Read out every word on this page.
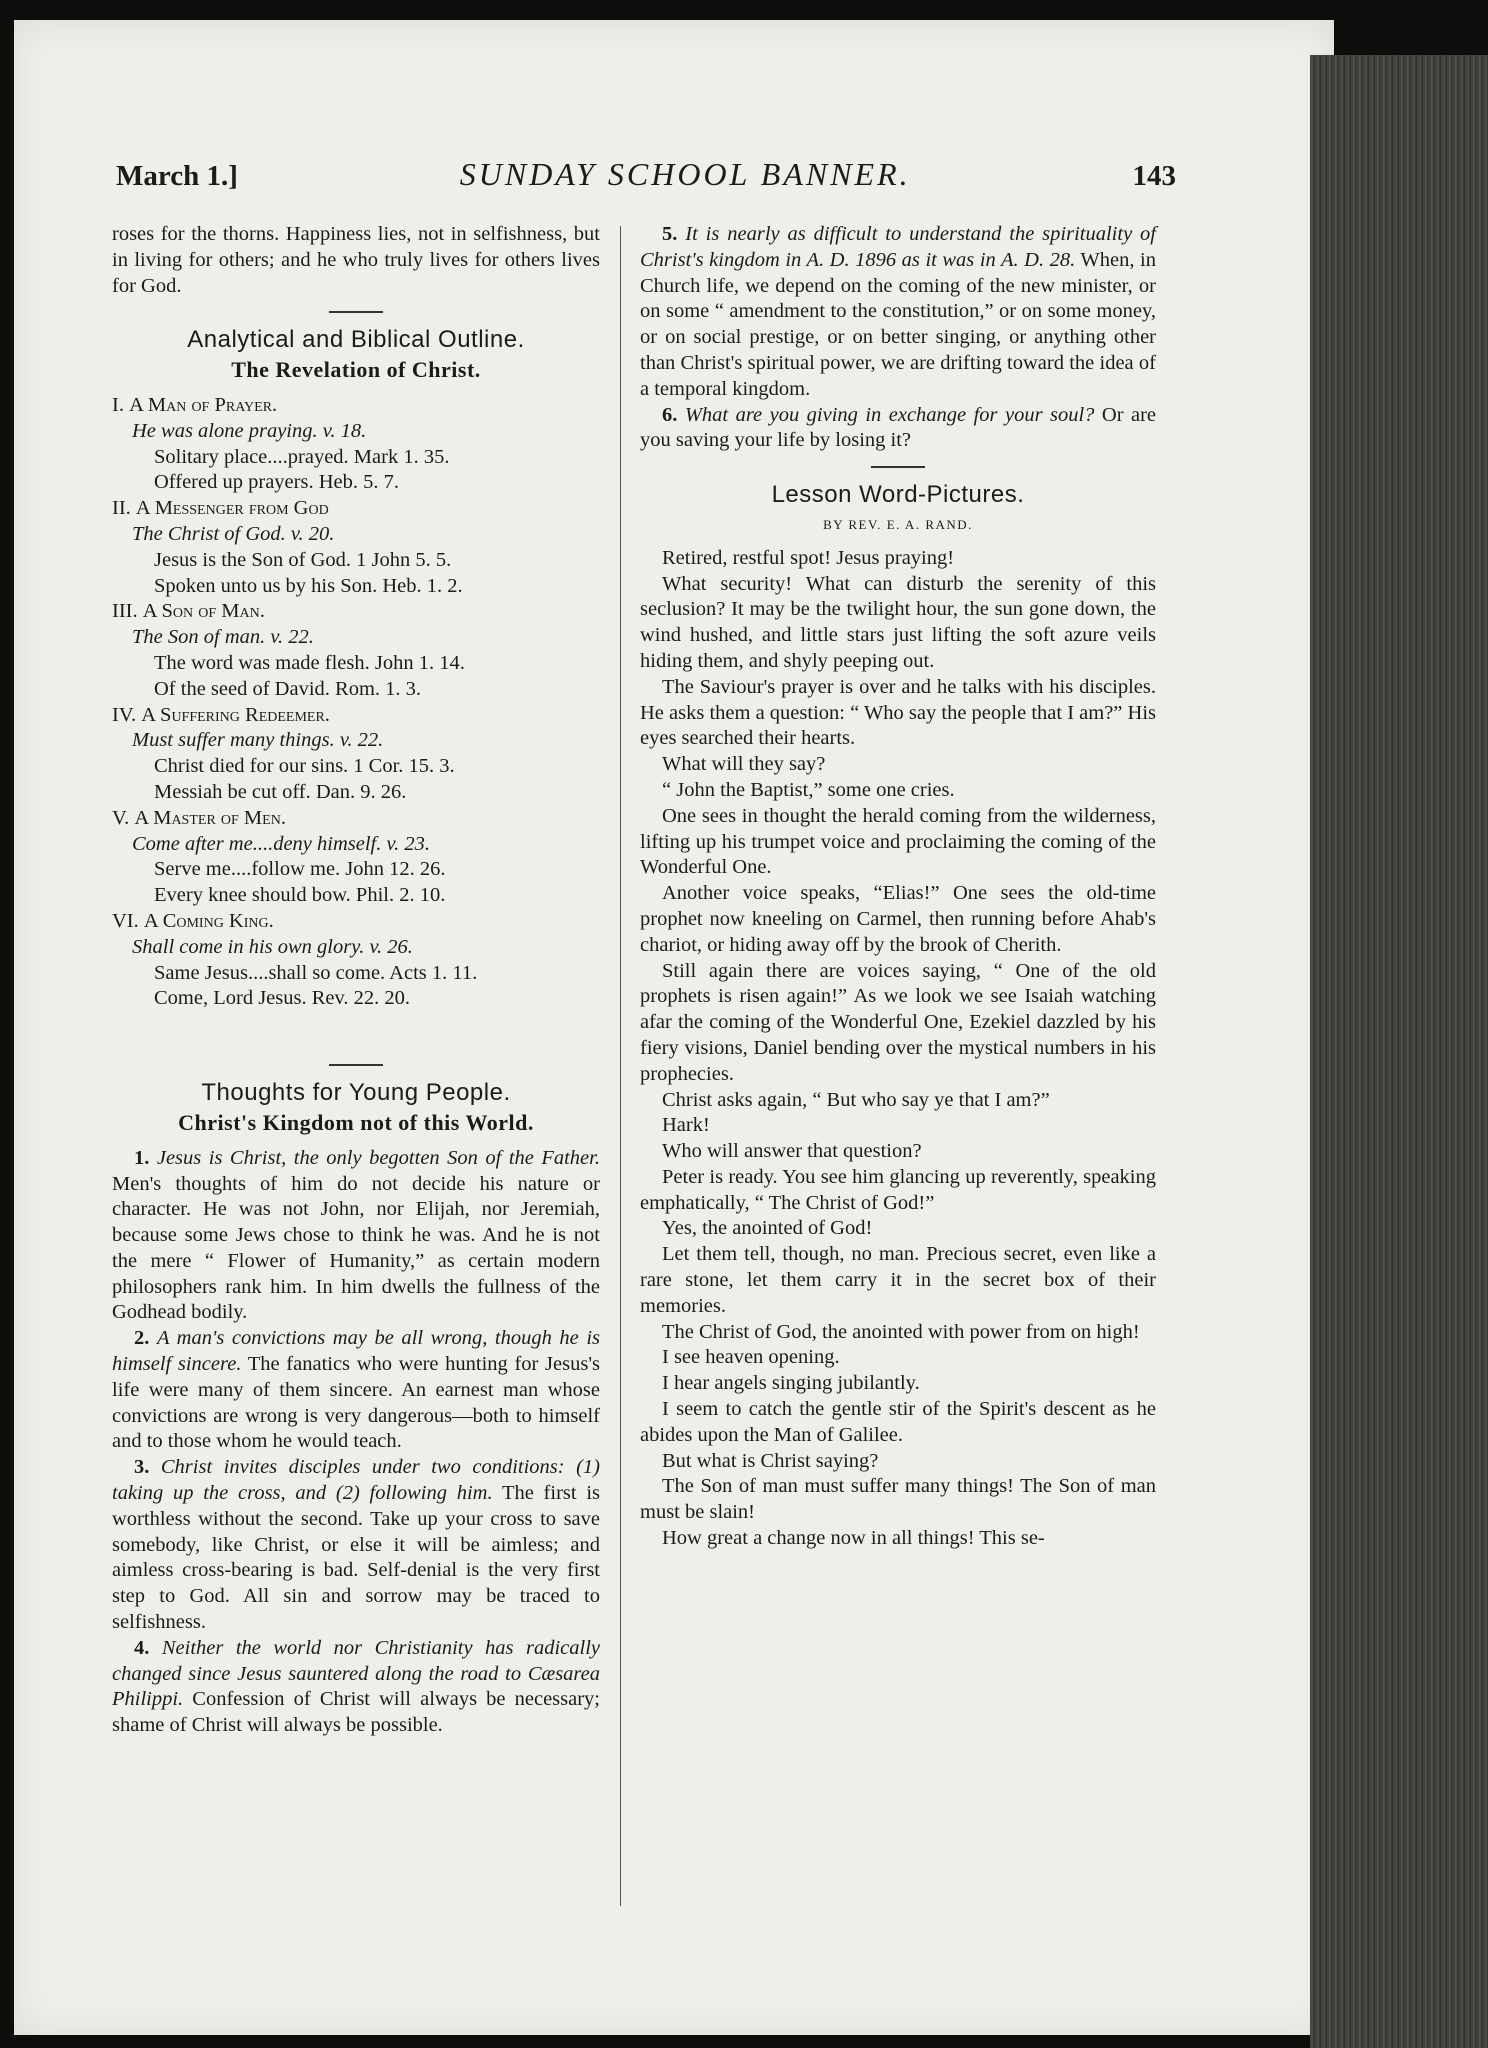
March 1.]	SUNDAY SCHOOL BANNER.	143

roses for the thorns. Happiness lies, not in selfishness, but in living for others; and he who truly lives for others lives for God.

Analytical and Biblical Outline.
The Revelation of Christ.
I. A Man of Prayer.
He was alone praying. v. 18.
Solitary place....prayed. Mark 1. 35.
Offered up prayers. Heb. 5. 7.
II. A Messenger from God
The Christ of God. v. 20.
Jesus is the Son of God. 1 John 5. 5.
Spoken unto us by his Son. Heb. 1. 2.
III. A Son of Man.
The Son of man. v. 22.
The word was made flesh. John 1. 14.
Of the seed of David. Rom. 1. 3.
IV. A Suffering Redeemer.
Must suffer many things. v. 22.
Christ died for our sins. 1 Cor. 15. 3.
Messiah be cut off. Dan. 9. 26.
V. A Master of Men.
Come after me....deny himself. v. 23.
Serve me....follow me. John 12. 26.
Every knee should bow. Phil. 2. 10.
VI. A Coming King.
Shall come in his own glory. v. 26.
Same Jesus....shall so come. Acts 1. 11.
Come, Lord Jesus. Rev. 22. 20.
Thoughts for Young People.
Christ's Kingdom not of this World.

1. Jesus is Christ, the only begotten Son of the Father. Men's thoughts of him do not decide his nature or character. He was not John, nor Elijah, nor Jeremiah, because some Jews chose to think he was. And he is not the mere “ Flower of Humanity,” as certain modern philosophers rank him. In him dwells the fullness of the Godhead bodily.

2. A man's convictions may be all wrong, though he is himself sincere. The fanatics who were hunting for Jesus's life were many of them sincere. An earnest man whose convictions are wrong is very dangerous—both to himself and to those whom he would teach.

3. Christ invites disciples under two conditions: (1) taking up the cross, and (2) following him. The first is worthless without the second. Take up your cross to save somebody, like Christ, or else it will be aimless; and aimless cross-bearing is bad. Self-denial is the very first step to God. All sin and sorrow may be traced to selfishness.

4. Neither the world nor Christianity has radically changed since Jesus sauntered along the road to Cæsarea Philippi. Confession of Christ will always be necessary; shame of Christ will always be possible.

5. It is nearly as difficult to understand the spirituality of Christ's kingdom in A. D. 1896 as it was in A. D. 28. When, in Church life, we depend on the coming of the new minister, or on some “ amendment to the constitution,” or on some money, or on social prestige, or on better singing, or anything other than Christ's spiritual power, we are drifting toward the idea of a temporal kingdom.

6. What are you giving in exchange for your soul? Or are you saving your life by losing it?

Lesson Word-Pictures.
BY REV. E. A. RAND.

Retired, restful spot! Jesus praying!

What security! What can disturb the serenity of this seclusion? It may be the twilight hour, the sun gone down, the wind hushed, and little stars just lifting the soft azure veils hiding them, and shyly peeping out.

The Saviour's prayer is over and he talks with his disciples. He asks them a question: “ Who say the people that I am?” His eyes searched their hearts.

What will they say?

“ John the Baptist,” some one cries.

One sees in thought the herald coming from the wilderness, lifting up his trumpet voice and proclaiming the coming of the Wonderful One.

Another voice speaks, “Elias!” One sees the old-time prophet now kneeling on Carmel, then running before Ahab's chariot, or hiding away off by the brook of Cherith.

Still again there are voices saying, “ One of the old prophets is risen again!” As we look we see Isaiah watching afar the coming of the Wonderful One, Ezekiel dazzled by his fiery visions, Daniel bending over the mystical numbers in his prophecies.

Christ asks again, “ But who say ye that I am?”

Hark!

Who will answer that question?

Peter is ready. You see him glancing up reverently, speaking emphatically, “ The Christ of God!”

Yes, the anointed of God!

Let them tell, though, no man. Precious secret, even like a rare stone, let them carry it in the secret box of their memories.

The Christ of God, the anointed with power from on high!

I see heaven opening.

I hear angels singing jubilantly.

I seem to catch the gentle stir of the Spirit's descent as he abides upon the Man of Galilee.

But what is Christ saying?

The Son of man must suffer many things! The Son of man must be slain!

How great a change now in all things! This se-
